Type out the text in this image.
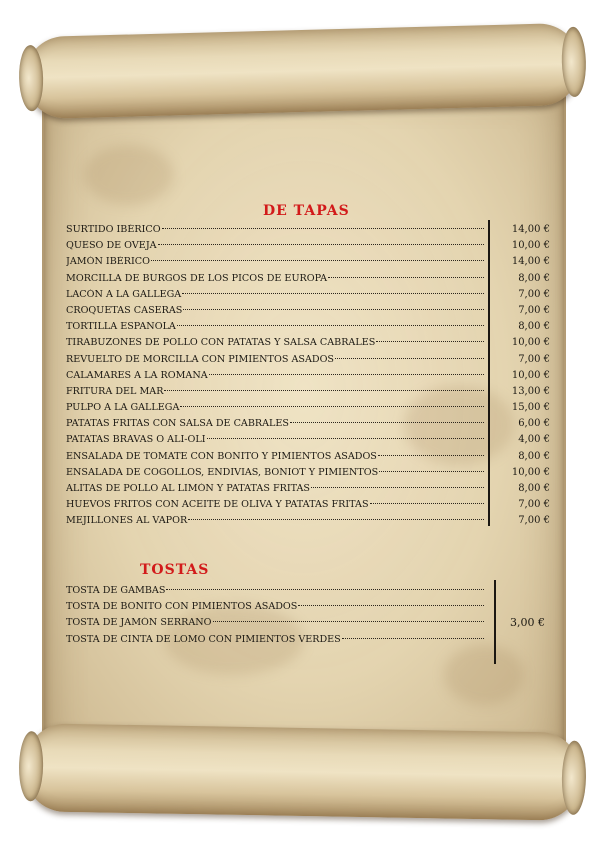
DE TAPAS
SURTIDO IBÉRICO
QUESO DE OVEJA
JAMÓN IBÉRICO
MORCILLA DE BURGOS DE LOS PICOS DE EUROPA
LACÓN A LA GALLEGA
CROQUETAS CASERAS
TORTILLA ESPAÑOLA
TIRABUZONES DE POLLO CON PATATAS Y SALSA CABRALES
REVUELTO DE MORCILLA CON PIMIENTOS ASADOS
CALAMARES A LA ROMANA
FRITURA DEL MAR
PULPO A LA GALLEGA
PATATAS FRITAS CON SALSA DE CABRALES
PATATAS BRAVAS O ALI-OLI
ENSALADA DE TOMATE CON BONITO Y PIMIENTOS ASADOS
ENSALADA DE COGOLLOS, ENDIVIAS, BONIOT Y PIMIENTOS
ALITAS DE POLLO AL LIMÓN Y PATATAS FRITAS
HUEVOS FRITOS CON ACEITE DE OLIVA Y PATATAS FRITAS
MEJILLONES AL VAPOR
14,00 €
10,00 €
14,00 €
8,00 €
7,00 €
7,00 €
8,00 €
10,00 €
7,00 €
10,00 €
13,00 €
15,00 €
6,00 €
4,00 €
8,00 €
10,00 €
8,00 €
7,00 €
7,00 €
TOSTAS
TOSTA DE GAMBAS
TOSTA DE BONITO CON PIMIENTOS ASADOS
TOSTA DE JAMÓN SERRANO
TOSTA DE CINTA DE LOMO CON PIMIENTOS VERDES
3,00 €
